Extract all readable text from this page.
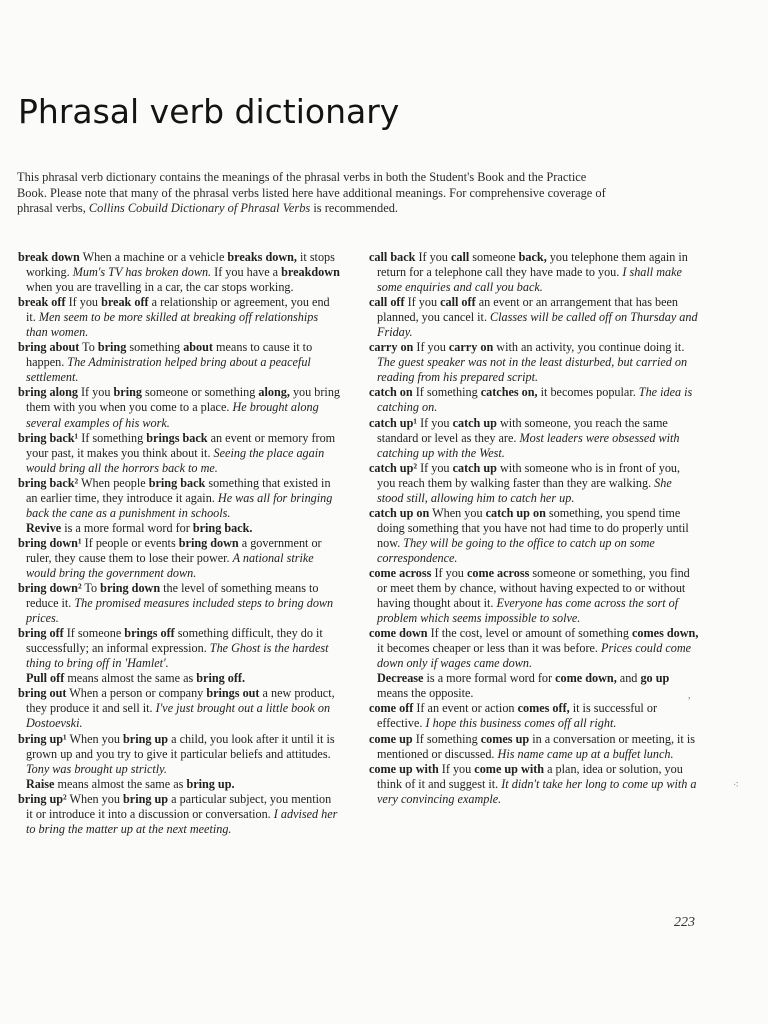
Phrasal verb dictionary

This phrasal verb dictionary contains the meanings of the phrasal verbs in both the Student's Book and the Practice Book. Please note that many of the phrasal verbs listed here have additional meanings. For comprehensive coverage of phrasal verbs, Collins Cobuild Dictionary of Phrasal Verbs is recommended.

break down When a machine or a vehicle breaks down, it stops working. Mum's TV has broken down. If you have a breakdown when you are travelling in a car, the car stops working.

break off If you break off a relationship or agreement, you end it. Men seem to be more skilled at breaking off relationships than women.

bring about To bring something about means to cause it to happen. The Administration helped bring about a peaceful settlement.

bring along If you bring someone or something along, you bring them with you when you come to a place. He brought along several examples of his work.

bring back¹ If something brings back an event or memory from your past, it makes you think about it. Seeing the place again would bring all the horrors back to me.

bring back² When people bring back something that existed in an earlier time, they introduce it again. He was all for bringing back the cane as a punishment in schools.

Revive is a more formal word for bring back.

bring down¹ If people or events bring down a government or ruler, they cause them to lose their power. A national strike would bring the government down.

bring down² To bring down the level of something means to reduce it. The promised measures included steps to bring down prices.

bring off If someone brings off something difficult, they do it successfully; an informal expression. The Ghost is the hardest thing to bring off in 'Hamlet'.

Pull off means almost the same as bring off.

bring out When a person or company brings out a new product, they produce it and sell it. I've just brought out a little book on Dostoevski.

bring up¹ When you bring up a child, you look after it until it is grown up and you try to give it particular beliefs and attitudes. Tony was brought up strictly.

Raise means almost the same as bring up.

bring up² When you bring up a particular subject, you mention it or introduce it into a discussion or conversation. I advised her to bring the matter up at the next meeting.

call back If you call someone back, you telephone them again in return for a telephone call they have made to you. I shall make some enquiries and call you back.

call off If you call off an event or an arrangement that has been planned, you cancel it. Classes will be called off on Thursday and Friday.

carry on If you carry on with an activity, you continue doing it. The guest speaker was not in the least disturbed, but carried on reading from his prepared script.

catch on If something catches on, it becomes popular. The idea is catching on.

catch up¹ If you catch up with someone, you reach the same standard or level as they are. Most leaders were obsessed with catching up with the West.

catch up² If you catch up with someone who is in front of you, you reach them by walking faster than they are walking. She stood still, allowing him to catch her up.

catch up on When you catch up on something, you spend time doing something that you have not had time to do properly until now. They will be going to the office to catch up on some correspondence.

come across If you come across someone or something, you find or meet them by chance, without having expected to or without having thought about it. Everyone has come across the sort of problem which seems impossible to solve.

come down If the cost, level or amount of something comes down, it becomes cheaper or less than it was before. Prices could come down only if wages came down.

Decrease is a more formal word for come down, and go up means the opposite.

come off If an event or action comes off, it is successful or effective. I hope this business comes off all right.

come up If something comes up in a conversation or meeting, it is mentioned or discussed. His name came up at a buffet lunch.

come up with If you come up with a plan, idea or solution, you think of it and suggest it. It didn't take her long to come up with a very convincing example.

223
⁖
,
